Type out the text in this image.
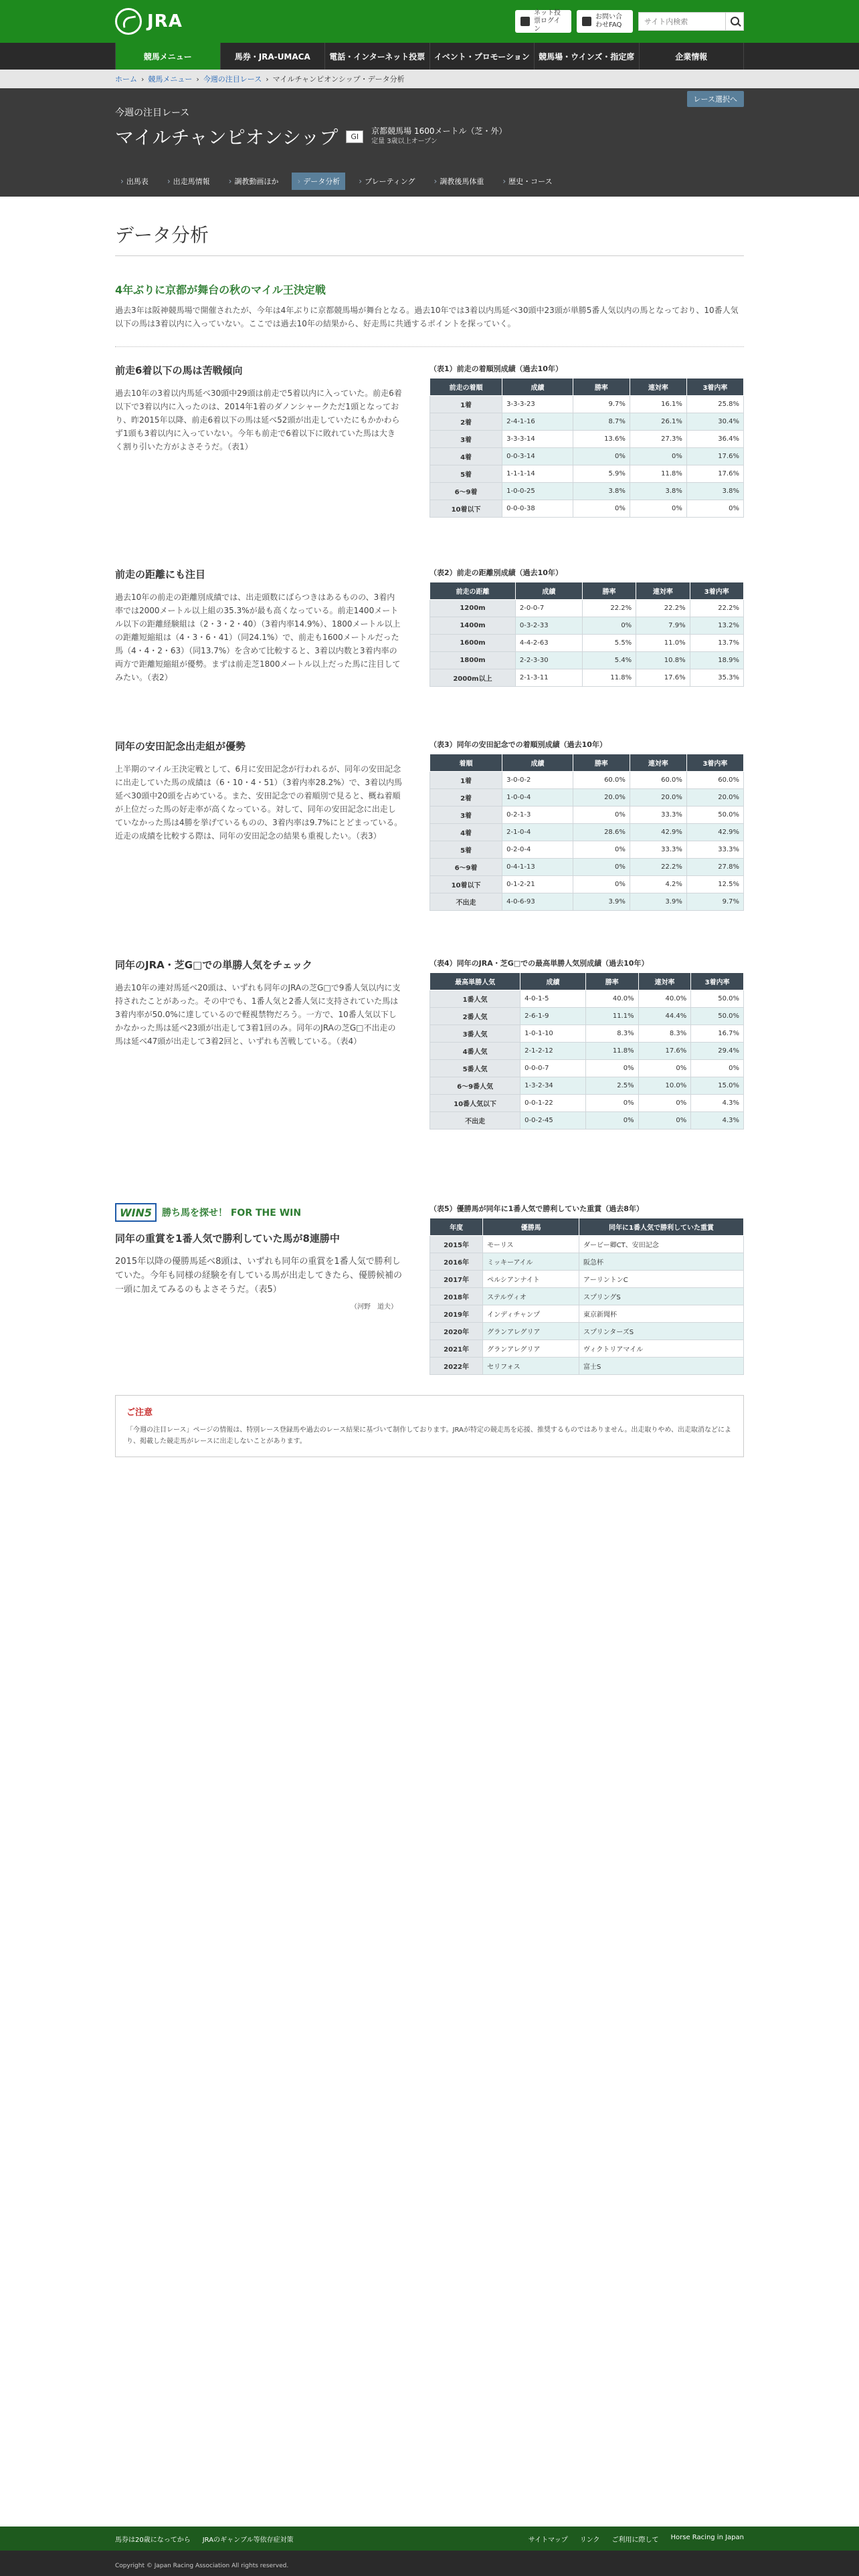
JRA	ネット投票ログイン
お問い合わせFAQ
サイト内検索
競馬メニュー	馬券・JRA-UMACA	電話・インターネット投票	イベント・プロモーション	競馬場・ウインズ・指定席	企業情報
ホーム › 競馬メニュー › 今週の注目レース › マイルチャンピオンシップ・データ分析
レース選択へ
今週の注目レース
マイルチャンピオンシップ	GI
京都競馬場 1600メートル（芝・外）
定量 3歳以上オープン
› 出馬表	› 出走馬情報	› 調教動画ほか	› データ分析	› プレーティング	› 調教後馬体重	› 歴史・コース
データ分析
4年ぶりに京都が舞台の秋のマイル王決定戦

過去3年は阪神競馬場で開催されたが、今年は4年ぶりに京都競馬場が舞台となる。過去10年では3着以内馬延べ30頭中23頭が単勝5番人気以内の馬となっており、10番人気以下の馬は3着以内に入っていない。ここでは過去10年の結果から、好走馬に共通するポイントを探っていく。

前走6着以下の馬は苦戦傾向

過去10年の3着以内馬延べ30頭中29頭は前走で5着以内に入っていた。前走6着以下で3着以内に入ったのは、2014年1着のダノンシャークただ1頭となっており、昨2015年以降、前走6着以下の馬は延べ52頭が出走していたにもかかわらず1頭も3着以内に入っていない。今年も前走で6着以下に敗れていた馬は大きく割り引いた方がよさそうだ。（表1）

（表1）前走の着順別成績（過去10年）
前走の着順	成績	勝率	連対率	3着内率
1着	3-3-3-23	9.7%	16.1%	25.8%
2着	2-4-1-16	8.7%	26.1%	30.4%
3着	3-3-3-14	13.6%	27.3%	36.4%
4着	0-0-3-14	0%	0%	17.6%
5着	1-1-1-14	5.9%	11.8%	17.6%
6～9着	1-0-0-25	3.8%	3.8%	3.8%
10着以下	0-0-0-38	0%	0%	0%
前走の距離にも注目

過去10年の前走の距離別成績では、出走頭数にばらつきはあるものの、3着内率では2000メートル以上組の35.3%が最も高くなっている。前走1400メートル以下の距離経験組は（2・3・2・40）（3着内率14.9%）、1800メートル以上の距離短縮組は（4・3・6・41）（同24.1%）で、前走も1600メートルだった馬（4・4・2・63）（同13.7%）を含めて比較すると、3着以内数と3着内率の両方で距離短縮組が優勢。まずは前走芝1800メートル以上だった馬に注目してみたい。（表2）

（表2）前走の距離別成績（過去10年）
前走の距離	成績	勝率	連対率	3着内率
1200m	2-0-0-7	22.2%	22.2%	22.2%
1400m	0-3-2-33	0%	7.9%	13.2%
1600m	4-4-2-63	5.5%	11.0%	13.7%
1800m	2-2-3-30	5.4%	10.8%	18.9%
2000m以上	2-1-3-11	11.8%	17.6%	35.3%
同年の安田記念出走組が優勢

上半期のマイル王決定戦として、6月に安田記念が行われるが、同年の安田記念に出走していた馬の成績は（6・10・4・51）（3着内率28.2%）で、3着以内馬延べ30頭中20頭を占めている。また、安田記念での着順別で見ると、概ね着順が上位だった馬の好走率が高くなっている。対して、同年の安田記念に出走していなかった馬は4勝を挙げているものの、3着内率は9.7%にとどまっている。近走の成績を比較する際は、同年の安田記念の結果も重視したい。（表3）

（表3）同年の安田記念での着順別成績（過去10年）
着順	成績	勝率	連対率	3着内率
1着	3-0-0-2	60.0%	60.0%	60.0%
2着	1-0-0-4	20.0%	20.0%	20.0%
3着	0-2-1-3	0%	33.3%	50.0%
4着	2-1-0-4	28.6%	42.9%	42.9%
5着	0-2-0-4	0%	33.3%	33.3%
6～9着	0-4-1-13	0%	22.2%	27.8%
10着以下	0-1-2-21	0%	4.2%	12.5%
不出走	4-0-6-93	3.9%	3.9%	9.7%
同年のJRA・芝G□での単勝人気をチェック

過去10年の連対馬延べ20頭は、いずれも同年のJRAの芝G□で9番人気以内に支持されたことがあった。その中でも、1番人気と2番人気に支持されていた馬は3着内率が50.0%に達しているので軽視禁物だろう。一方で、10番人気以下しかなかった馬は延べ23頭が出走して3着1回のみ。同年のJRAの芝G□不出走の馬は延べ47頭が出走して3着2回と、いずれも苦戦している。（表4）

（表4）同年のJRA・芝G□での最高単勝人気別成績（過去10年）
最高単勝人気	成績	勝率	連対率	3着内率
1番人気	4-0-1-5	40.0%	40.0%	50.0%
2番人気	2-6-1-9	11.1%	44.4%	50.0%
3番人気	1-0-1-10	8.3%	8.3%	16.7%
4番人気	2-1-2-12	11.8%	17.6%	29.4%
5番人気	0-0-0-7	0%	0%	0%
6～9番人気	1-3-2-34	2.5%	10.0%	15.0%
10番人気以下	0-0-1-22	0%	0%	4.3%
不出走	0-0-2-45	0%	0%	4.3%
WIN5 勝ち馬を探せ！ FOR THE WIN
同年の重賞を1番人気で勝利していた馬が8連勝中

2015年以降の優勝馬延べ8頭は、いずれも同年の重賞を1番人気で勝利していた。今年も同様の経験を有している馬が出走してきたら、優勝候補の一頭に加えてみるのもよさそうだ。（表5）

（河野　道夫）
（表5）優勝馬が同年に1番人気で勝利していた重賞（過去8年）
年度	優勝馬	同年に1番人気で勝利していた重賞
2015年	モーリス	ダービー卿CT、安田記念
2016年	ミッキーアイル	阪急杯
2017年	ペルシアンナイト	アーリントンC
2018年	ステルヴィオ	スプリングS
2019年	インディチャンプ	東京新聞杯
2020年	グランアレグリア	スプリンターズS
2021年	グランアレグリア	ヴィクトリアマイル
2022年	セリフォス	富士S
ご注意

「今週の注目レース」ページの情報は、特別レース登録馬や過去のレース結果に基づいて制作しております。JRAが特定の競走馬を応援、推奨するものではありません。出走取りやめ、出走取消などにより、掲載した競走馬がレースに出走しないことがあります。

馬券は20歳になってから JRAのギャンブル等依存症対策	サイトマップ リンク ご利用に際して Horse Racing in Japan
Copyright © Japan Racing Association All rights reserved.
